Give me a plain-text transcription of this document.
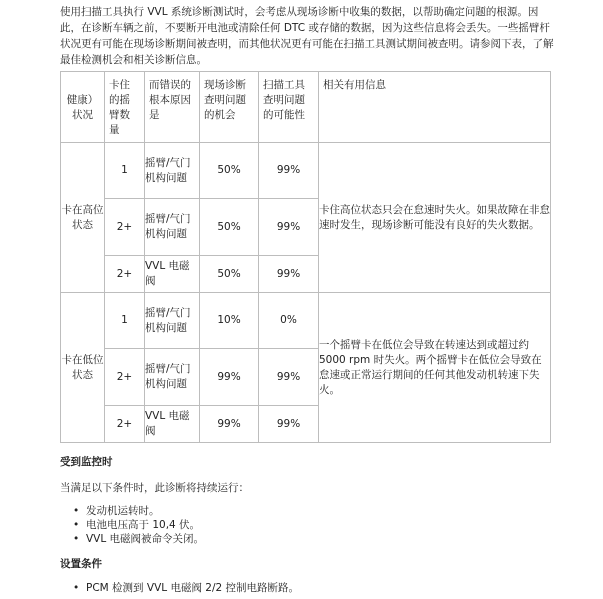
使用扫描工具执行 VVL 系统诊断测试时，会考虑从现场诊断中收集的数据，以帮助确定问题的根源。因此，在诊断车辆之前，不要断开电池或清除任何 DTC 或存储的数据，因为这些信息将会丢失。一些摇臂杆状况更有可能在现场诊断期间被查明，而其他状况更有可能在扫描工具测试期间被查明。请参阅下表，了解最佳检测机会和相关诊断信息。

健康）状况	卡住的摇臂数量	而错误的根本原因是	现场诊断查明问题的机会	扫描工具查明问题的可能性	相关有用信息
卡在高位状态	1	摇臂/气门机构问题	50%	99%	卡住高位状态只会在怠速时失火。如果故障在非怠速时发生，现场诊断可能没有良好的失火数据。
	2+	摇臂/气门机构问题	50%	99%	
	2+	VVL 电磁阀	50%	99%	
卡在低位状态	1	摇臂/气门机构问题	10%	0%	一个摇臂卡在低位会导致在转速达到或超过约 5000 rpm 时失火。两个摇臂卡在低位会导致在怠速或正常运行期间的任何其他发动机转速下失火。
	2+	摇臂/气门机构问题	99%	99%	
	2+	VVL 电磁阀	99%	99%	
受到监控时
当满足以下条件时，此诊断将持续运行：
• 发动机运转时。
• 电池电压高于 10,4 伏。
• VVL 电磁阀被命令关闭。
设置条件
• PCM 检测到 VVL 电磁阀 2/2 控制电路断路。
